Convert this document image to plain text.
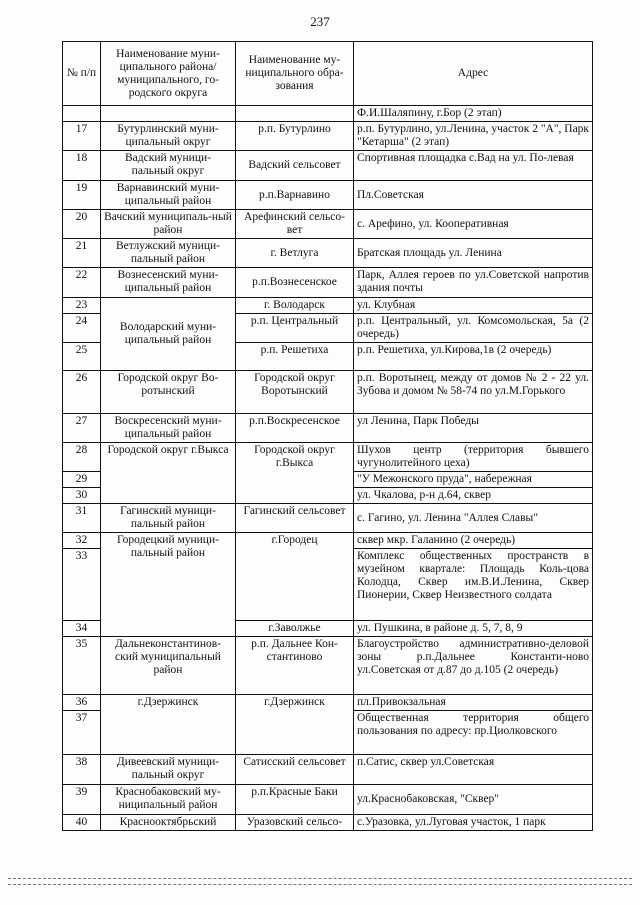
237
№ п/п	Наименование муни-ципального района/ муниципального, го-родского округа	Наименование му-ниципального обра-зования	Адрес
			Ф.И.Шаляпину, г.Бор (2 этап)
17	Бутурлинский муни-ципальный округ	р.п. Бутурлино	р.п. Бутурлино, ул.Ленина, участок 2 "А", Парк "Кетарша" (2 этап)
18	Вадский муници-пальный округ	Вадский сельсовет	Спортивная площадка с.Вад на ул. По-левая
19	Варнавинский муни-ципальный район	р.п.Варнавино	Пл.Советская
20	Вачский муниципаль-ный район	Арефинский сельсо-вет	с. Арефино, ул. Кооперативная
21	Ветлужский муници-пальный район	г. Ветлуга	Братская площадь ул. Ленина
22	Вознесенский муни-ципальный район	р.п.Вознесенское	Парк, Аллея героев по ул.Советской напротив здания почты
23	Володарский муни-ципальный район	г. Володарск	ул. Клубная
24		р.п. Центральный	р.п. Центральный, ул. Комсомольская, 5а (2 очередь)
25		р.п. Решетиха	р.п. Решетиха, ул.Кирова,1в (2 очередь)
26	Городской округ Во-ротынский	Городской округ Воротынский	р.п. Воротынец, между от домов № 2 - 22 ул. Зубова и домом № 58-74 по ул.М.Горького
27	Воскресенский муни-ципальный район	р.п.Воскресенское	ул Ленина, Парк Победы
28	Городской округ г.Выкса	Городской округ г.Выкса	Шухов центр (территория бывшего чугунолитейного цеха)
29			"У Межонского пруда", набережная
30			ул. Чкалова, р-н д.64, сквер
31	Гагинский муници-пальный район	Гагинский сельсовет	с. Гагино, ул. Ленина "Аллея Славы"
32	Городецкий муници-пальный район	г.Городец	сквер мкр. Галанино (2 очередь)
33			Комплекс общественных пространств в музейном квартале: Площадь Коль-цова Колодца, Сквер им.В.И.Ленина, Сквер Пионерии, Сквер Неизвестного солдата
34		г.Заволжье	ул. Пушкина, в районе д. 5, 7, 8, 9
35	Дальнеконстантинов-ский муниципальный район	р.п. Дальнее Кон-стантиново	Благоустройство административно-деловой зоны р.п.Дальнее Константи-ново ул.Советская от д.87 до д.105 (2 очередь)
36	г.Дзержинск	г.Дзержинск	пл.Привокзальная
37			Общественная территория общего пользования по адресу: пр.Циолковского
38	Дивеевский муници-пальный округ	Сатисский сельсовет	п.Сатис, сквер ул.Советская
39	Краснобаковский му-ниципальный район	р.п.Красные Баки	ул.Краснобаковская, "Сквер"
40	Краснооктябрьский	Уразовский сельсо-	с.Уразовка, ул.Луговая участок, 1 парк
